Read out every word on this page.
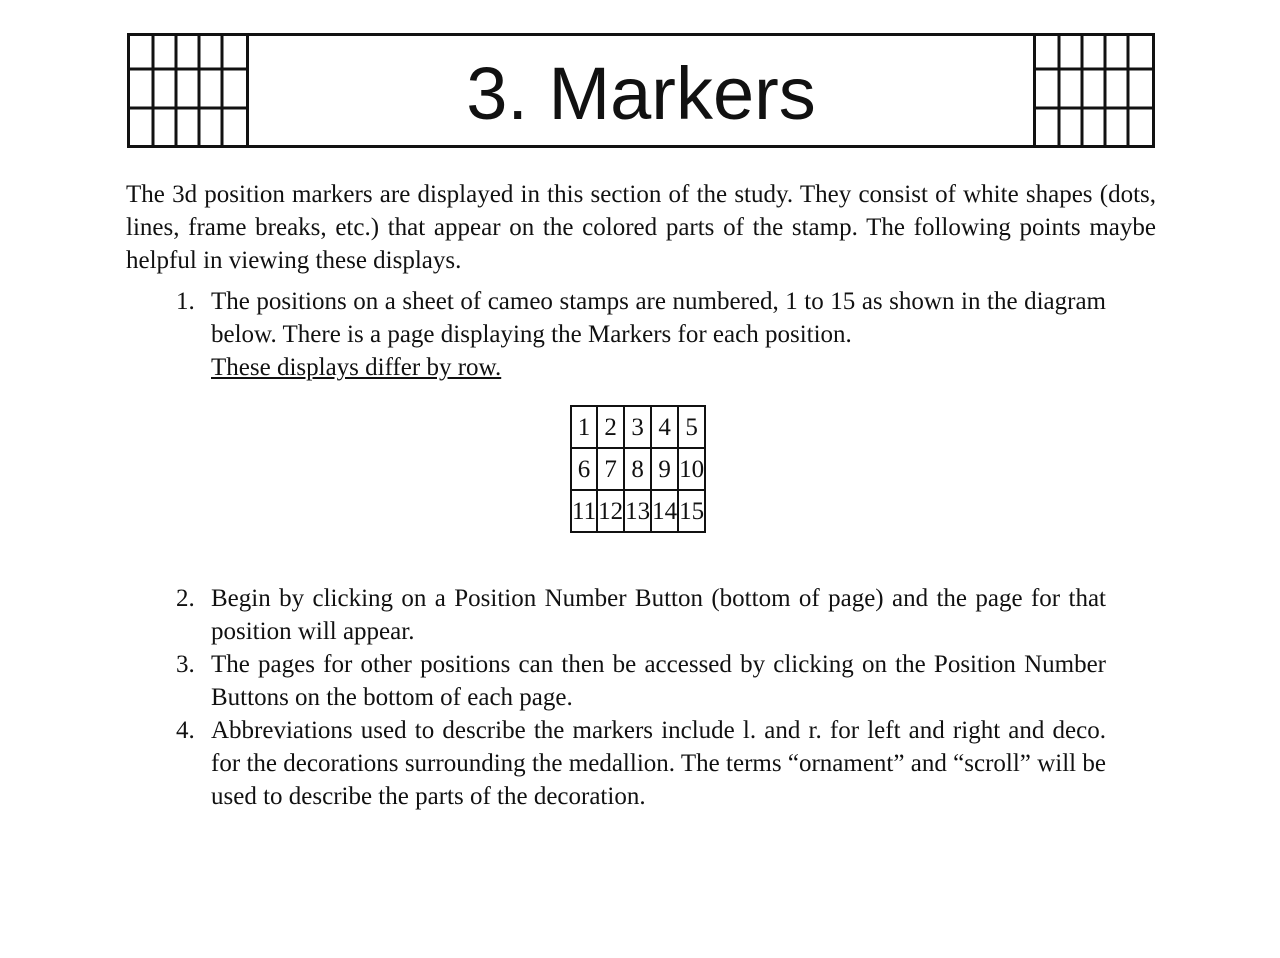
3. Markers

The 3d position markers are displayed in this section of the study. They consist of white shapes (dots, lines, frame breaks, etc.) that appear on the colored parts of the stamp. The following points maybe helpful in viewing these displays.

1. The positions on a sheet of cameo stamps are numbered, 1 to 15 as shown in the diagram below. There is a page displaying the Markers for each position.
These displays differ by row.
1	2	3	4	5
6	7	8	9	10
11	12	13	14	15
2. Begin by clicking on a Position Number Button (bottom of page) and the page for that position will appear.
3. The pages for other positions can then be accessed by clicking on the Position Number Buttons on the bottom of each page.
4. Abbreviations used to describe the markers include l. and r. for left and right and deco. for the decorations surrounding the medallion. The terms “ornament” and “scroll” will be used to describe the parts of the decoration.
